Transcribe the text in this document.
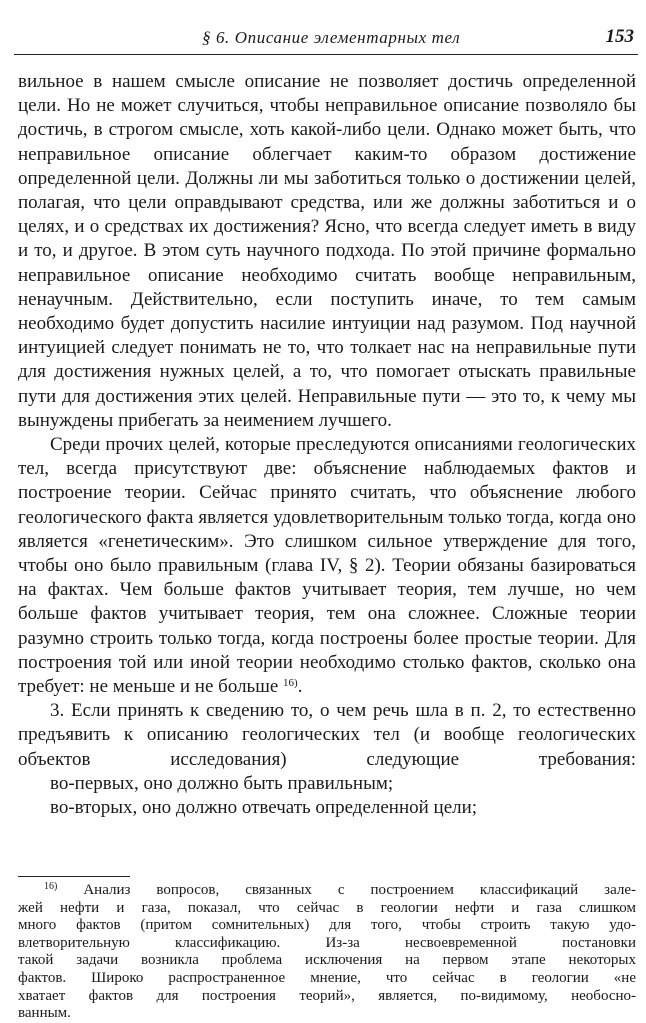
§ 6. Описание элементарных тел	153

вильное в нашем смысле описание не позволяет достичь определенной цели. Но не может случиться, чтобы неправильное описание позволяло бы достичь, в строгом смысле, хоть какой-либо цели. Однако может быть, что неправильное описание облегчает каким-то образом достижение определенной цели. Должны ли мы заботиться только о достижении целей, полагая, что цели оправдывают средства, или же должны заботиться и о целях, и о средствах их достижения? Ясно, что всегда следует иметь в виду и то, и другое. В этом суть научного подхода. По этой причине формально неправильное описание необходимо считать вообще неправильным, ненаучным. Действительно, если поступить иначе, то тем самым необходимо будет допустить насилие интуиции над разумом. Под научной интуицией следует понимать не то, что толкает нас на неправильные пути для достижения нужных целей, а то, что помогает отыскать правильные пути для достижения этих целей. Неправильные пути — это то, к чему мы вынуждены прибегать за неимением лучшего.

Среди прочих целей, которые преследуются описаниями геологических тел, всегда присутствуют две: объяснение наблюдаемых фактов и построение теории. Сейчас принято считать, что объяснение любого геологического факта является удовлетворительным только тогда, когда оно является «генетическим». Это слишком сильное утверждение для того, чтобы оно было правильным (глава IV, § 2). Теории обязаны базироваться на фактах. Чем больше фактов учитывает теория, тем лучше, но чем больше фактов учитывает теория, тем она сложнее. Сложные теории разумно строить только тогда, когда построены более простые теории. Для построения той или иной теории необходимо столько фактов, сколько она требует: не меньше и не больше $^{16)}$.

3. Если принять к сведению то, о чем речь шла в п. 2, то естественно предъявить к описанию геологических тел (и вообще геологических объектов исследования) следующие требования:

во-первых, оно должно быть правильным;

во-вторых, оно должно отвечать определенной цели;

$^{16)}$ Анализ вопросов, связанных с построением классификаций зале-
жей нефти и газа, показал, что сейчас в геологии нефти и газа слишком
много фактов (притом сомнительных) для того, чтобы строить такую удо-
влетворительную классификацию. Из-за несвоевременной постановки
такой задачи возникла проблема исключения на первом этапе некоторых
фактов. Широко распространенное мнение, что сейчас в геологии «не
хватает фактов для построения теорий», является, по-видимому, необосно-
ванным.
